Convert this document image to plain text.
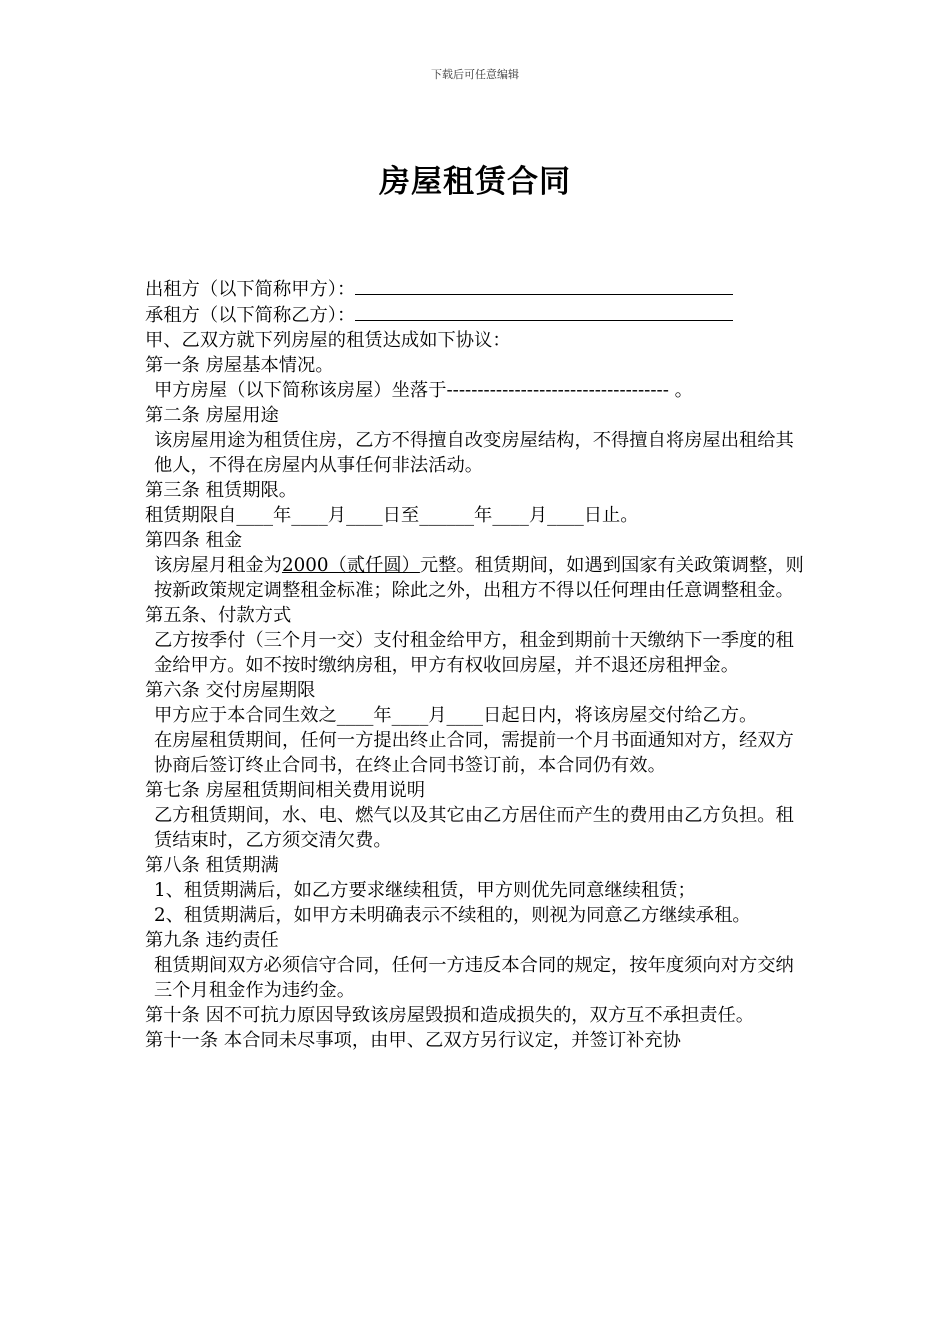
下载后可任意编辑
房屋租赁合同

出租方（以下简称甲方）：

承租方（以下简称乙方）：

甲、乙双方就下列房屋的租赁达成如下协议：

第一条 房屋基本情况。

甲方房屋（以下简称该房屋）坐落于------------------------------------ 。

第二条 房屋用途

该房屋用途为租赁住房，乙方不得擅自改变房屋结构，不得擅自将房屋出租给其他人，不得在房屋内从事任何非法活动。

第三条 租赁期限。

租赁期限自____年____月____日至______年____月____日止。

第四条 租金

该房屋月租金为2000（贰仟圆）元整。租赁期间，如遇到国家有关政策调整，则按新政策规定调整租金标准；除此之外，出租方不得以任何理由任意调整租金。

第五条、付款方式

乙方按季付（三个月一交）支付租金给甲方，租金到期前十天缴纳下一季度的租金给甲方。如不按时缴纳房租，甲方有权收回房屋，并不退还房租押金。

第六条 交付房屋期限

甲方应于本合同生效之____年____月____日起日内，将该房屋交付给乙方。

在房屋租赁期间，任何一方提出终止合同，需提前一个月书面通知对方，经双方协商后签订终止合同书，在终止合同书签订前，本合同仍有效。

第七条 房屋租赁期间相关费用说明

乙方租赁期间，水、电、燃气以及其它由乙方居住而产生的费用由乙方负担。租赁结束时，乙方须交清欠费。

第八条 租赁期满

1、租赁期满后，如乙方要求继续租赁，甲方则优先同意继续租赁；

2、租赁期满后，如甲方未明确表示不续租的，则视为同意乙方继续承租。

第九条 违约责任

租赁期间双方必须信守合同，任何一方违反本合同的规定，按年度须向对方交纳三个月租金作为违约金。

第十条 因不可抗力原因导致该房屋毁损和造成损失的，双方互不承担责任。

第十一条 本合同未尽事项，由甲、乙双方另行议定，并签订补充协
